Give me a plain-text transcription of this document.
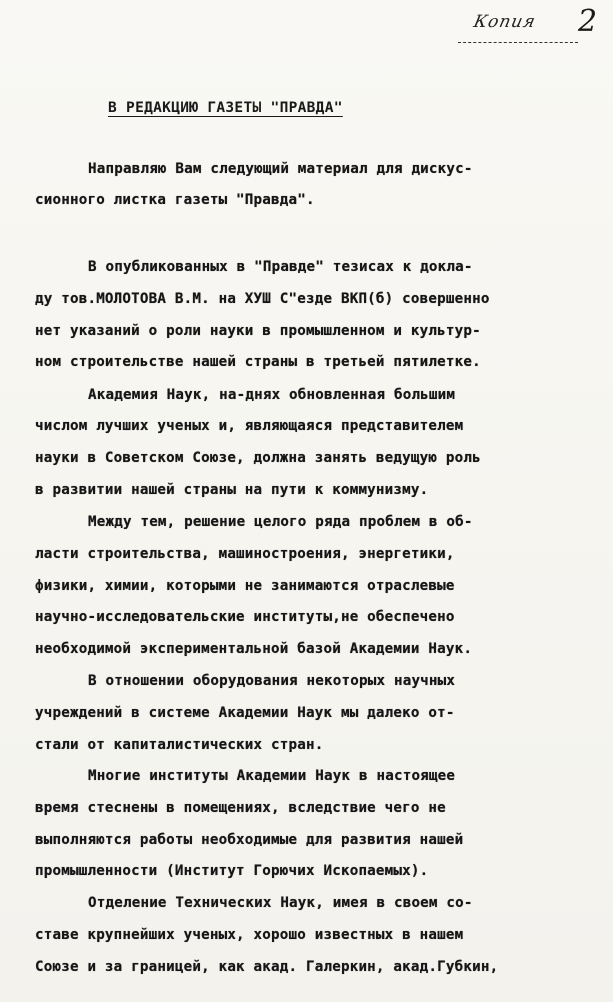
Копия 2
В РЕДАКЦИЮ ГАЗЕТЫ "ПРАВДА"
Направляю Вам следующий материал для дискус-
сионного листка газеты "Правда".
В опубликованных в "Правде" тезисах к докла-
ду тов.МОЛОТОВА В.М. на ХУШ С"езде ВКП(б) совершенно
нет указаний о роли науки в промышленном и культур-
ном строительстве нашей страны в третьей пятилетке.
Академия Наук, на-днях обновленная большим
числом лучших ученых и, являющаяся представителем
науки в Советском Союзе, должна занять ведущую роль
в развитии нашей страны на пути к коммунизму.
Между тем, решение целого ряда проблем в об-
ласти строительства, машиностроения, энергетики,
физики, химии, которыми не занимаются отраслевые
научно-исследовательские институты,не обеспечено
необходимой экспериментальной базой Академии Наук.
В отношении оборудования некоторых научных
учреждений в системе Академии Наук мы далеко от-
стали от капиталистических стран.
Многие институты Академии Наук в настоящее
время стеснены в помещениях, вследствие чего не
выполняются работы необходимые для развития нашей
промышленности (Институт Горючих Ископаемых).
Отделение Технических Наук, имея в своем со-
ставе крупнейших ученых, хорошо известных в нашем
Союзе и за границей, как акад. Галеркин, акад.Губкин,
